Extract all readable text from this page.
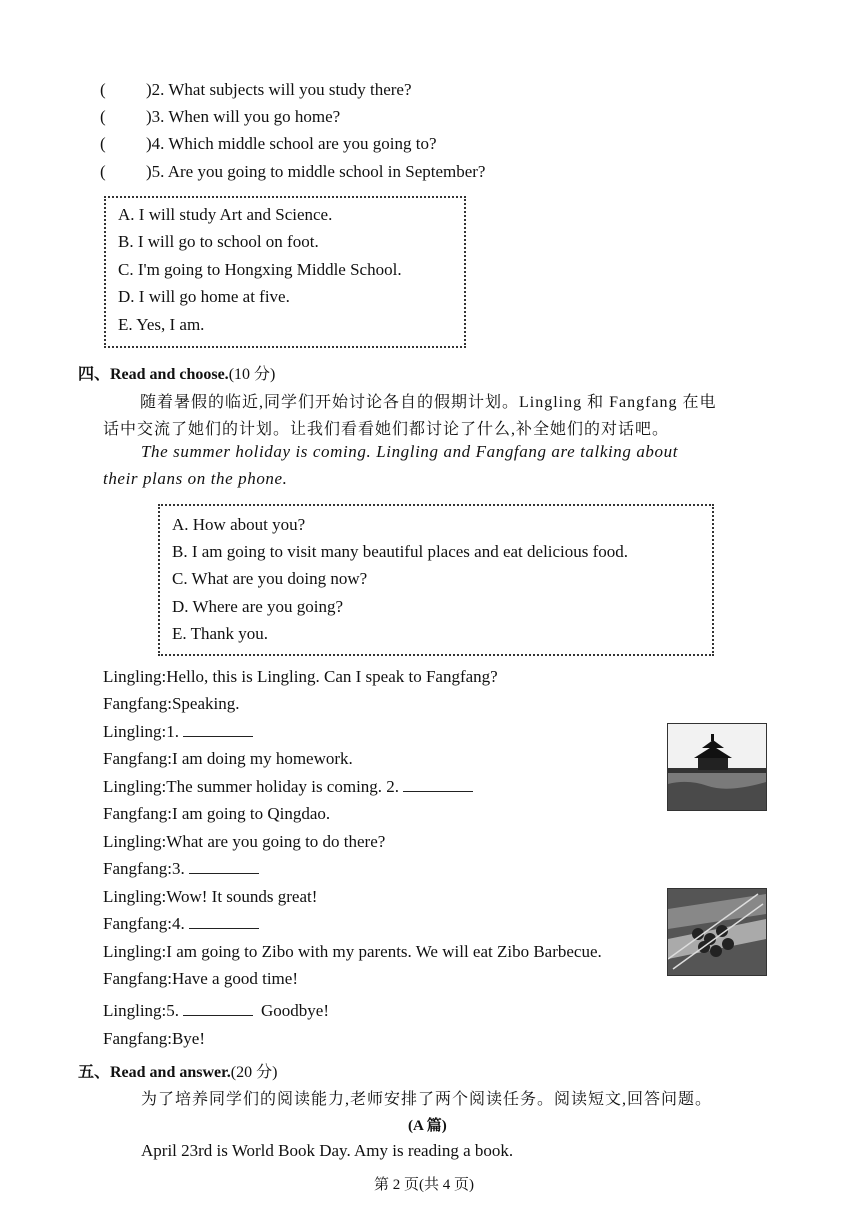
( )2. What subjects will you study there?
( )3. When will you go home?
( )4. Which middle school are you going to?
( )5. Are you going to middle school in September?
A. I will study Art and Science.
B. I will go to school on foot.
C. I'm going to Hongxing Middle School.
D. I will go home at five.
E. Yes, I am.
四、Read and choose.(10 分)
随着暑假的临近,同学们开始讨论各自的假期计划。Lingling 和 Fangfang 在电
话中交流了她们的计划。让我们看看她们都讨论了什么,补全她们的对话吧。
The summer holiday is coming. Lingling and Fangfang are talking about
their plans on the phone.
A. How about you?
B. I am going to visit many beautiful places and eat delicious food.
C. What are you doing now?
D. Where are you going?
E. Thank you.
Lingling:Hello, this is Lingling. Can I speak to Fangfang?
Fangfang:Speaking.
Lingling:1.
Fangfang:I am doing my homework.
Lingling:The summer holiday is coming. 2.
Fangfang:I am going to Qingdao.
Lingling:What are you going to do there?
Fangfang:3.
Lingling:Wow! It sounds great!
Fangfang:4.
Lingling:I am going to Zibo with my parents. We will eat Zibo Barbecue.
Fangfang:Have a good time!
Lingling:5.	Goodbye!
Fangfang:Bye!
五、Read and answer.(20 分)
为了培养同学们的阅读能力,老师安排了两个阅读任务。阅读短文,回答问题。
(A 篇)
April 23rd is World Book Day. Amy is reading a book.
第 2 页(共 4 页)
